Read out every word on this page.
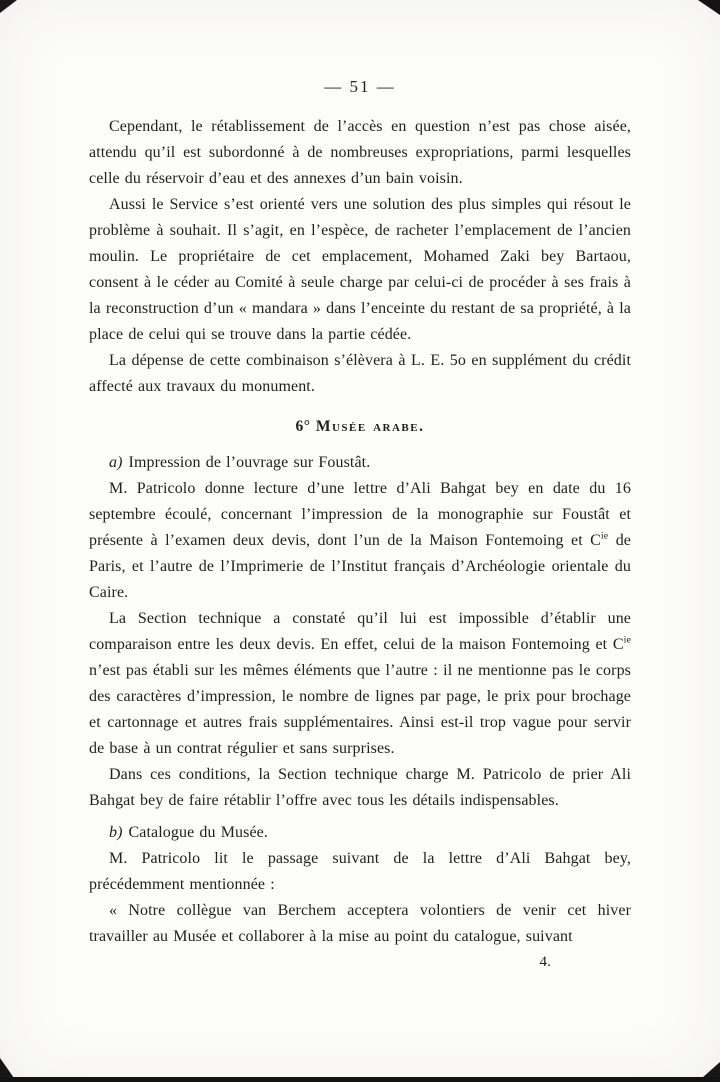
— 51 —

Cependant, le rétablissement de l’accès en question n’est pas chose aisée, attendu qu’il est subordonné à de nombreuses expropriations, parmi lesquelles celle du réservoir d’eau et des annexes d’un bain voisin.

Aussi le Service s’est orienté vers une solution des plus simples qui résout le problème à souhait. Il s’agit, en l’espèce, de racheter l’emplacement de l’ancien moulin. Le propriétaire de cet emplacement, Mohamed Zaki bey Bartaou, consent à le céder au Comité à seule charge par celui-ci de procéder à ses frais à la reconstruction d’un « mandara » dans l’enceinte du restant de sa propriété, à la place de celui qui se trouve dans la partie cédée.

La dépense de cette combinaison s’élèvera à L. E. 5o en supplément du crédit affecté aux travaux du monument.

6° Musée arabe.

a) Impression de l’ouvrage sur Foustât.

M. Patricolo donne lecture d’une lettre d’Ali Bahgat bey en date du 16 septembre écoulé, concernant l’impression de la monographie sur Foustât et présente à l’examen deux devis, dont l’un de la Maison Fontemoing et $C^{ie}$ de Paris, et l’autre de l’Imprimerie de l’Institut français d’Archéologie orientale du Caire.

La Section technique a constaté qu’il lui est impossible d’établir une comparaison entre les deux devis. En effet, celui de la maison Fontemoing et $C^{ie}$ n’est pas établi sur les mêmes éléments que l’autre : il ne mentionne pas le corps des caractères d’impression, le nombre de lignes par page, le prix pour brochage et cartonnage et autres frais supplémentaires. Ainsi est-il trop vague pour servir de base à un contrat régulier et sans surprises.

Dans ces conditions, la Section technique charge M. Patricolo de prier Ali Bahgat bey de faire rétablir l’offre avec tous les détails indispensables.

b) Catalogue du Musée.

M. Patricolo lit le passage suivant de la lettre d’Ali Bahgat bey, précédemment mentionnée :

« Notre collègue van Berchem acceptera volontiers de venir cet hiver travailler au Musée et collaborer à la mise au point du catalogue, suivant

4.
